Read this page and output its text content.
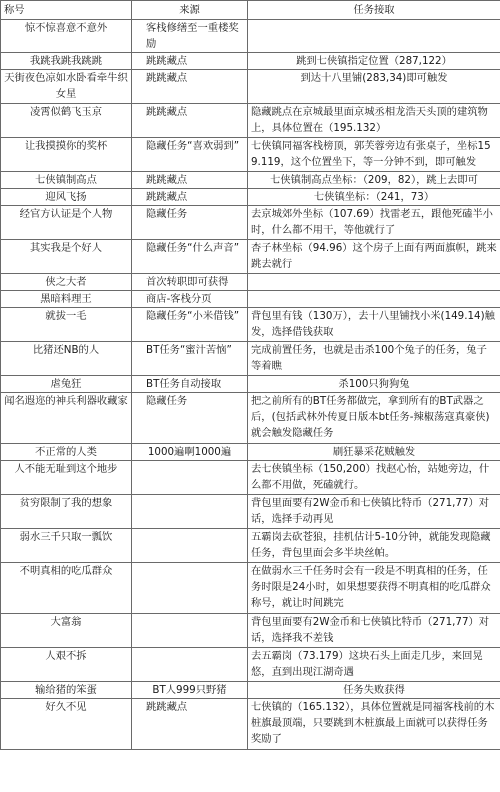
称号	来源	任务接取
惊不惊喜意不意外	客栈修缮至一重楼奖励	
我跳我跳我跳跳	跳跳藏点	跳到七侠镇指定位置（287,122）
天街夜色凉如水卧看牵牛织女星	跳跳藏点	到达十八里铺(283,34)即可触发
凌霄似鹤飞玉京	跳跳藏点	隐藏跳点在京城最里面京城丞相龙浩天头顶的建筑物上，具体位置在（195.132）
让我摸摸你的奖杯	隐藏任务“喜欢弱到”	七侠镇同福客栈榜顶，郭芙蓉旁边有张桌子，坐标159.119，这个位置坐下，等一分钟不到，即可触发
七侠镇制高点	跳跳藏点	七侠镇制高点坐标：（209，82），跳上去即可
迎风飞扬	跳跳藏点	七侠镇坐标：（241，73）
经官方认证是个人物	隐藏任务	去京城郊外坐标（107.69）找雷老五，跟他死磕半小时，什么都不用干，等他就行了
其实我是个好人	隐藏任务“什么声音”	杏子林坐标（94.96）这个房子上面有两面旗帜，跳来跳去就行
侠之大者	首次转职即可获得	
黑暗料理王	商店-客栈分页	
就拔一毛	隐藏任务“小米借钱”	背包里有钱（130万），去十八里铺找小米(149.14)触发，选择借钱获取
比猪还NB的人	BT任务“蜜汁苦恼”	完成前置任务，也就是击杀100个兔子的任务，兔子等着瞧
虐兔狂	BT任务自动接取	杀100只狗狗兔
闻名遐迩的神兵利器收藏家	隐藏任务	把之前所有的BT任务都做完，拿到所有的BT武器之后，(包括武林外传夏日版本bt任务-辣椒荡寇真豪侠)就会触发隐藏任务
不正常的人类	1000遍啊1000遍	刷狂暴采花贼触发
人不能无耻到这个地步		去七侠镇坐标（150,200）找赵心怡，站她旁边，什么都不用做，死磕就行。
贫穷限制了我的想象		背包里面要有2W金币和七侠镇比特币（271,77）对话，选择手动再见
弱水三千只取一瓢饮		五霸岗去砍苍狼，挂机估计5-10分钟，就能发现隐藏任务，背包里面会多半块丝帕。
不明真相的吃瓜群众		在做弱水三千任务时会有一段是不明真相的任务，任务时限是24小时，如果想要获得不明真相的吃瓜群众称号，就让时间跳完
大富翁		背包里面要有2W金币和七侠镇比特币（271,77）对话，选择我不差钱
人艰不拆		去五霸岗（73.179）这块石头上面走几步，来回晃悠，直到出现江湖奇遇
输给猪的笨蛋	BT人999只野猪	任务失败获得
好久不见	跳跳藏点	七侠镇的（165.132），具体位置就是同福客栈前的木桩旗最顶端，只要跳到木桩旗最上面就可以获得任务奖励了
